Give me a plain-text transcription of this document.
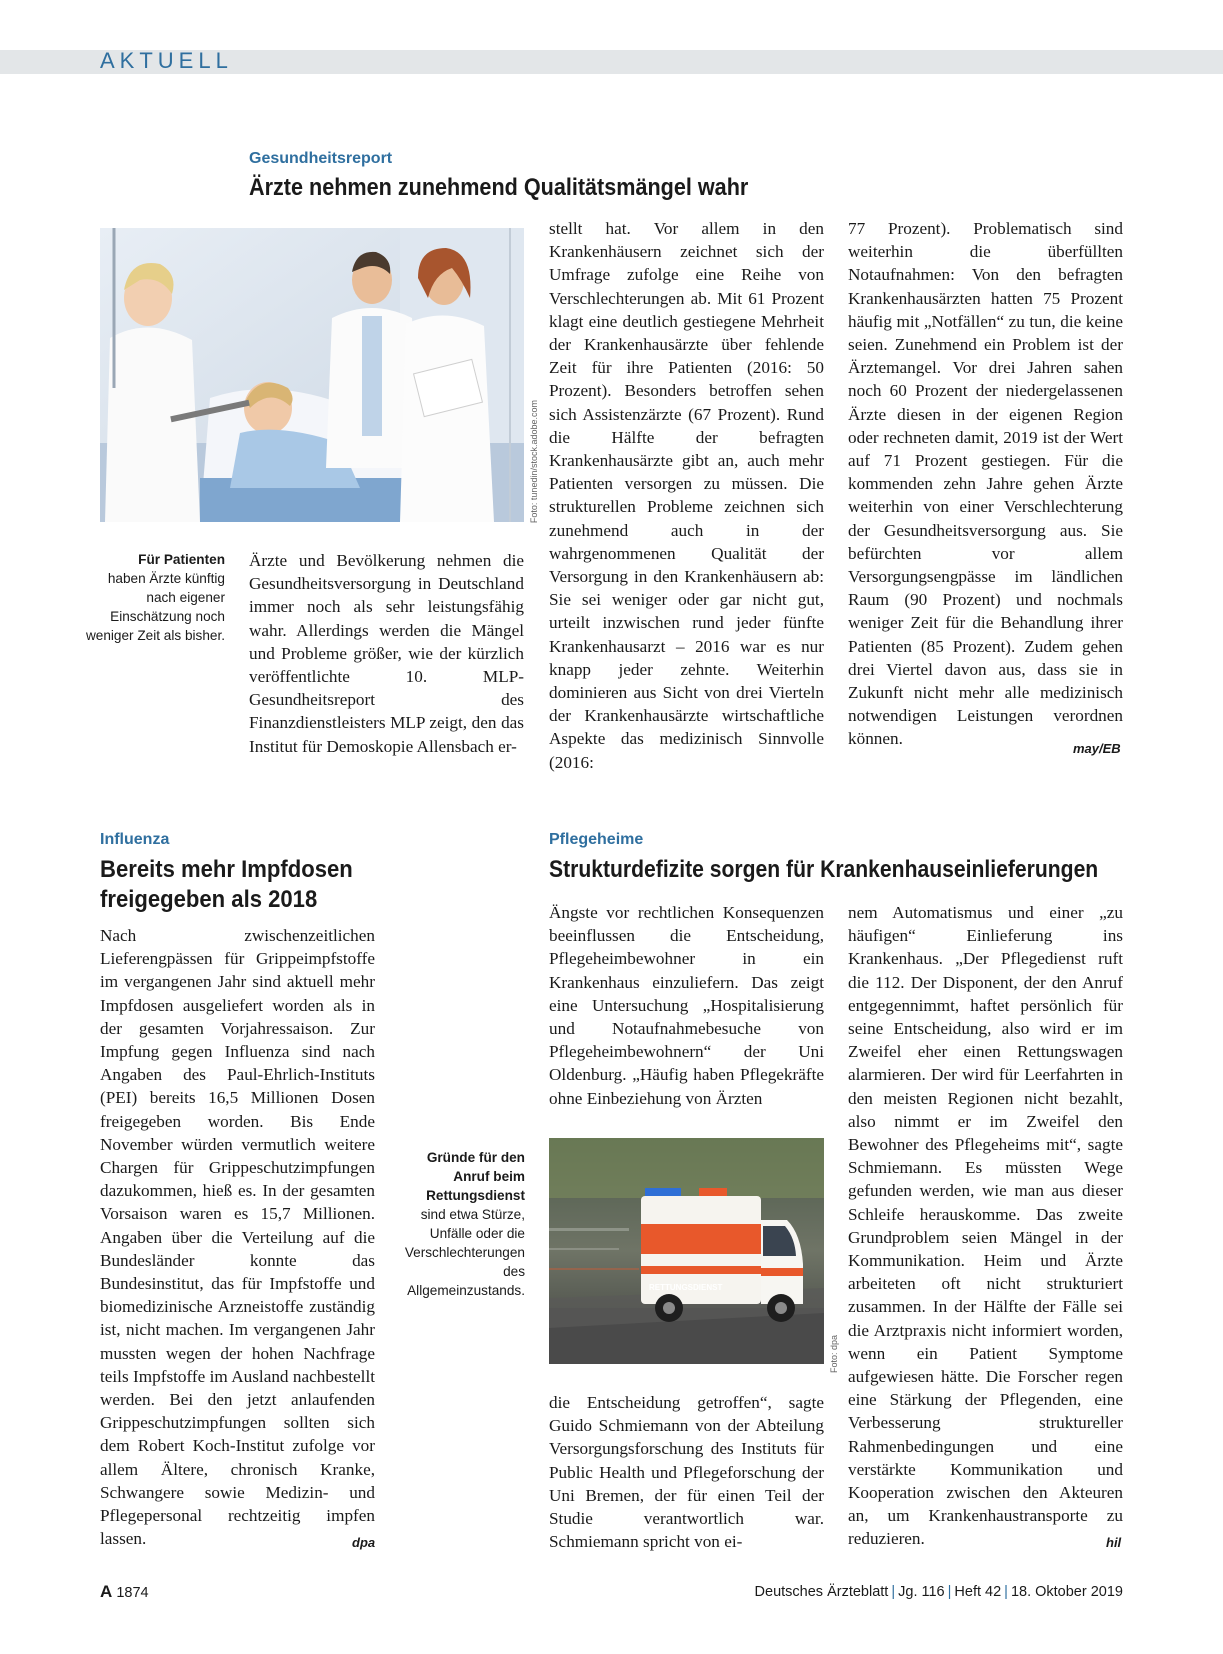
AKTUELL
Gesundheitsreport
Ärzte nehmen zunehmend Qualitätsmängel wahr
Foto: tunedin/stock.adobe.com
Für Patienten
haben Ärzte künftig nach eigener Einschätzung noch weniger Zeit als bisher.
Ärzte und Bevölkerung nehmen die Gesundheitsversorgung in Deutschland immer noch als sehr leistungsfähig wahr. Allerdings werden die Mängel und Probleme größer, wie der kürzlich veröffentlichte 10. MLP-Gesundheitsreport des Finanzdienstleisters MLP zeigt, den das Institut für Demoskopie Allensbach er-
stellt hat. Vor allem in den Krankenhäusern zeichnet sich der Umfrage zufolge eine Reihe von Verschlechterungen ab. Mit 61 Prozent klagt eine deutlich gestiegene Mehrheit der Krankenhausärzte über fehlende Zeit für ihre Patienten (2016: 50 Prozent). Besonders betroffen sehen sich Assistenzärzte (67 Prozent). Rund die Hälfte der befragten Krankenhausärzte gibt an, auch mehr Patienten versorgen zu müssen. Die strukturellen Probleme zeichnen sich zunehmend auch in der wahrgenommenen Qualität der Versorgung in den Krankenhäusern ab: Sie sei weniger oder gar nicht gut, urteilt inzwischen rund jeder fünfte Krankenhausarzt – 2016 war es nur knapp jeder zehnte. Weiterhin dominieren aus Sicht von drei Vierteln der Krankenhausärzte wirtschaftliche Aspekte das medizinisch Sinnvolle (2016:
77 Prozent). Problematisch sind weiterhin die überfüllten Notaufnahmen: Von den befragten Krankenhausärzten hatten 75 Prozent häufig mit „Notfällen“ zu tun, die keine seien. Zunehmend ein Problem ist der Ärztemangel. Vor drei Jahren sahen noch 60 Prozent der niedergelassenen Ärzte diesen in der eigenen Region oder rechneten damit, 2019 ist der Wert auf 71 Prozent gestiegen. Für die kommenden zehn Jahre gehen Ärzte weiterhin von einer Verschlechterung der Gesundheitsversorgung aus. Sie befürchten vor allem Versorgungsengpässe im ländlichen Raum (90 Prozent) und nochmals weniger Zeit für die Behandlung ihrer Patienten (85 Prozent). Zudem gehen drei Viertel davon aus, dass sie in Zukunft nicht mehr alle medizinisch notwendigen Leistungen verordnen können.
may/EB
Influenza
Bereits mehr Impfdosen
freigegeben als 2018
Nach zwischenzeitlichen Lieferengpässen für Grippeimpfstoffe im vergangenen Jahr sind aktuell mehr Impfdosen ausgeliefert worden als in der gesamten Vorjahressaison. Zur Impfung gegen Influenza sind nach Angaben des Paul-Ehrlich-Instituts (PEI) bereits 16,5 Millionen Dosen freigegeben worden. Bis Ende November würden vermutlich weitere Chargen für Grippeschutzimpfungen dazukommen, hieß es. In der gesamten Vorsaison waren es 15,7 Millionen. Angaben über die Verteilung auf die Bundesländer konnte das Bundesinstitut, das für Impfstoffe und biomedizinische Arzneistoffe zuständig ist, nicht machen. Im vergangenen Jahr mussten wegen der hohen Nachfrage teils Impfstoffe im Ausland nachbestellt werden. Bei den jetzt anlaufenden Grippeschutzimpfungen sollten sich dem Robert Koch-Institut zufolge vor allem Ältere, chronisch Kranke, Schwangere sowie Medizin- und Pflegepersonal rechtzeitig impfen lassen.	dpa
Gründe für den Anruf beim Rettungsdienst
sind etwa Stürze, Unfälle oder die Verschlechterungen des Allgemeinzustands.
Pflegeheime
Strukturdefizite sorgen für Krankenhauseinlieferungen
Ängste vor rechtlichen Konsequenzen beeinflussen die Entscheidung, Pflegeheimbewohner in ein Krankenhaus einzuliefern. Das zeigt eine Untersuchung „Hospitalisierung und Notaufnahmebesuche von Pflegeheimbewohnern“ der Uni Oldenburg. „Häufig haben Pflegekräfte ohne Einbeziehung von Ärzten
RETTUNGSDIENST
Foto: dpa
die Entscheidung getroffen“, sagte Guido Schmiemann von der Abteilung Versorgungsforschung des Instituts für Public Health und Pflegeforschung der Uni Bremen, der für einen Teil der Studie verantwortlich war. Schmiemann spricht von ei-
nem Automatismus und einer „zu häufigen“ Einlieferung ins Krankenhaus. „Der Pflegedienst ruft die 112. Der Disponent, der den Anruf entgegennimmt, haftet persönlich für seine Entscheidung, also wird er im Zweifel eher einen Rettungswagen alarmieren. Der wird für Leerfahrten in den meisten Regionen nicht bezahlt, also nimmt er im Zweifel den Bewohner des Pflegeheims mit“, sagte Schmiemann. Es müssten Wege gefunden werden, wie man aus dieser Schleife herauskomme. Das zweite Grundproblem seien Mängel in der Kommunikation. Heim und Ärzte arbeiteten oft nicht strukturiert zusammen. In der Hälfte der Fälle sei die Arztpraxis nicht informiert worden, wenn ein Patient Symptome aufgewiesen hätte. Die Forscher regen eine Stärkung der Pflegenden, eine Verbesserung struktureller Rahmenbedingungen und eine verstärkte Kommunikation und Kooperation zwischen den Akteuren an, um Krankenhaustransporte zu reduzieren.	hil
A 1874	Deutsches Ärzteblatt | Jg. 116 | Heft 42 | 18. Oktober 2019
